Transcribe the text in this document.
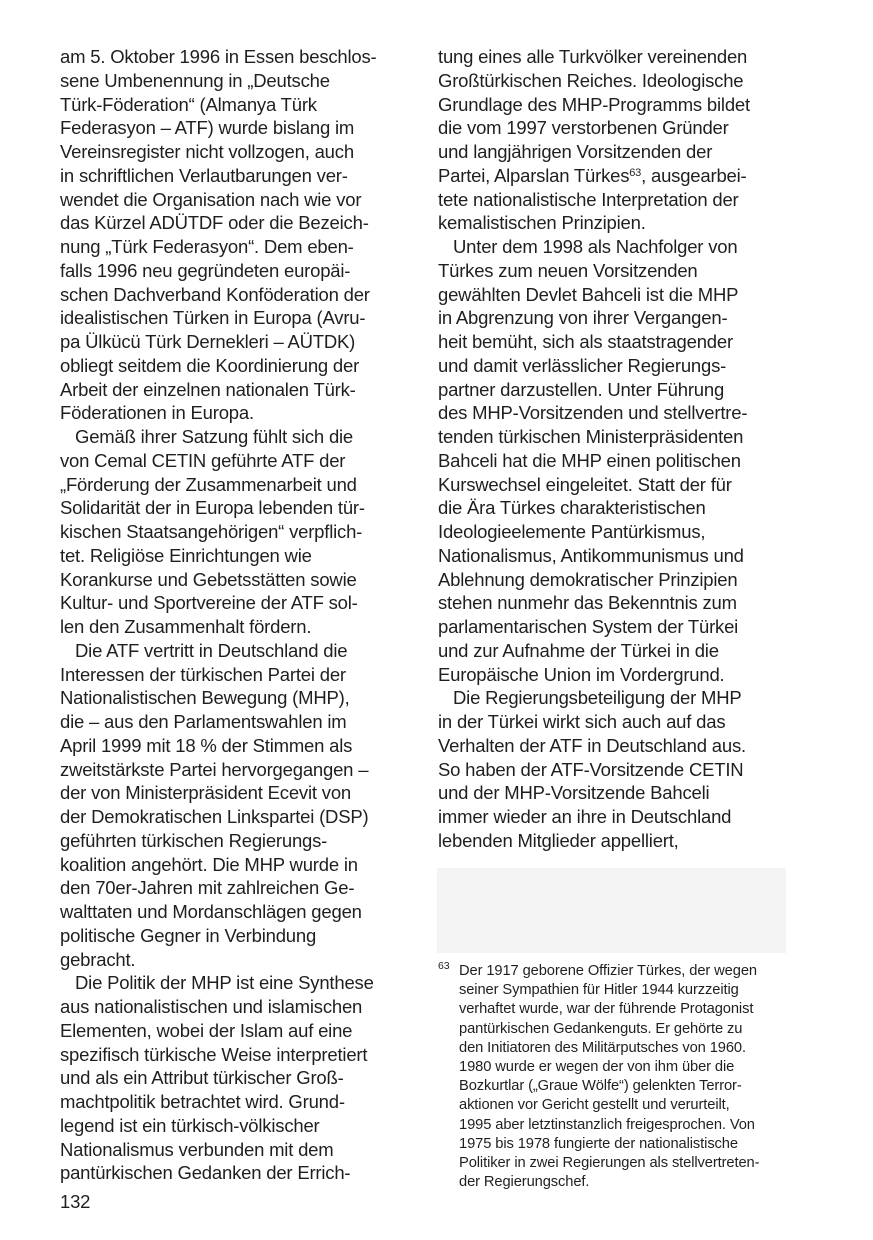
am 5. Oktober 1996 in Essen beschlos-
sene Umbenennung in „Deutsche
Türk-Föderation“ (Almanya Türk
Federasyon – ATF) wurde bislang im
Vereinsregister nicht vollzogen, auch
in schriftlichen Verlautbarungen ver-
wendet die Organisation nach wie vor
das Kürzel ADÜTDF oder die Bezeich-
nung „Türk Federasyon“. Dem eben-
falls 1996 neu gegründeten europäi-
schen Dachverband Konföderation der
idealistischen Türken in Europa (Avru-
pa Ülkücü Türk Dernekleri – AÜTDK)
obliegt seitdem die Koordinierung der
Arbeit der einzelnen nationalen Türk-
Föderationen in Europa.
Gemäß ihrer Satzung fühlt sich die
von Cemal CETIN geführte ATF der
„Förderung der Zusammenarbeit und
Solidarität der in Europa lebenden tür-
kischen Staatsangehörigen“ verpflich-
tet. Religiöse Einrichtungen wie
Korankurse und Gebetsstätten sowie
Kultur- und Sportvereine der ATF sol-
len den Zusammenhalt fördern.
Die ATF vertritt in Deutschland die
Interessen der türkischen Partei der
Nationalistischen Bewegung (MHP),
die – aus den Parlamentswahlen im
April 1999 mit 18 % der Stimmen als
zweitstärkste Partei hervorgegangen –
der von Ministerpräsident Ecevit von
der Demokratischen Linkspartei (DSP)
geführten türkischen Regierungs-
koalition angehört. Die MHP wurde in
den 70er-Jahren mit zahlreichen Ge-
walttaten und Mordanschlägen gegen
politische Gegner in Verbindung
gebracht.
Die Politik der MHP ist eine Synthese
aus nationalistischen und islamischen
Elementen, wobei der Islam auf eine
spezifisch türkische Weise interpretiert
und als ein Attribut türkischer Groß-
machtpolitik betrachtet wird. Grund-
legend ist ein türkisch-völkischer
Nationalismus verbunden mit dem
pantürkischen Gedanken der Errich-
tung eines alle Turkvölker vereinenden
Großtürkischen Reiches. Ideologische
Grundlage des MHP-Programms bildet
die vom 1997 verstorbenen Gründer
und langjährigen Vorsitzenden der
Partei, Alparslan Türkes$^{63}$, ausgearbei-
tete nationalistische Interpretation der
kemalistischen Prinzipien.
Unter dem 1998 als Nachfolger von
Türkes zum neuen Vorsitzenden
gewählten Devlet Bahceli ist die MHP
in Abgrenzung von ihrer Vergangen-
heit bemüht, sich als staatstragender
und damit verlässlicher Regierungs-
partner darzustellen. Unter Führung
des MHP-Vorsitzenden und stellvertre-
tenden türkischen Ministerpräsidenten
Bahceli hat die MHP einen politischen
Kurswechsel eingeleitet. Statt der für
die Ära Türkes charakteristischen
Ideologieelemente Pantürkismus,
Nationalismus, Antikommunismus und
Ablehnung demokratischer Prinzipien
stehen nunmehr das Bekenntnis zum
parlamentarischen System der Türkei
und zur Aufnahme der Türkei in die
Europäische Union im Vordergrund.
Die Regierungsbeteiligung der MHP
in der Türkei wirkt sich auch auf das
Verhalten der ATF in Deutschland aus.
So haben der ATF-Vorsitzende CETIN
und der MHP-Vorsitzende Bahceli
immer wieder an ihre in Deutschland
lebenden Mitglieder appelliert,
63 Der 1917 geborene Offizier Türkes, der wegen
seiner Sympathien für Hitler 1944 kurzzeitig
verhaftet wurde, war der führende Protagonist
pantürkischen Gedankenguts. Er gehörte zu
den Initiatoren des Militärputsches von 1960.
1980 wurde er wegen der von ihm über die
Bozkurtlar („Graue Wölfe“) gelenkten Terror-
aktionen vor Gericht gestellt und verurteilt,
1995 aber letztinstanzlich freigesprochen. Von
1975 bis 1978 fungierte der nationalistische
Politiker in zwei Regierungen als stellvertreten-
der Regierungschef.
132
